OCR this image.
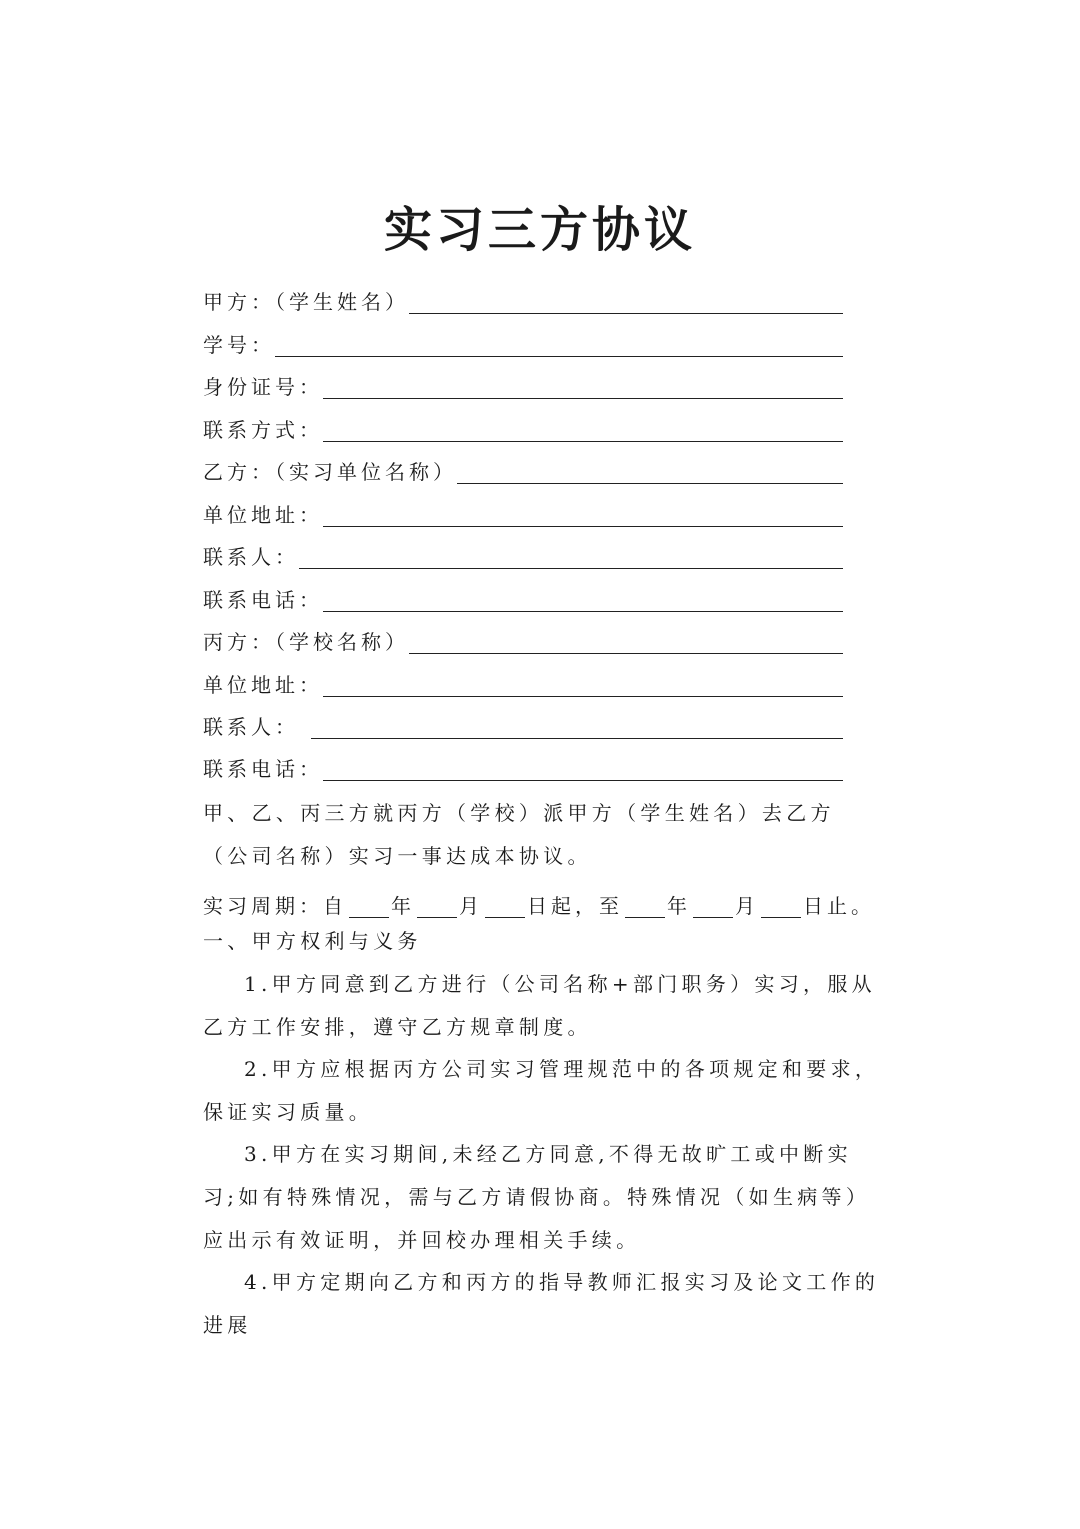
实习三方协议
甲方：（学生姓名）
学号：
身份证号：
联系方式：
乙方：（实习单位名称）
单位地址：
联系人：
联系电话：
丙方：（学校名称）
单位地址：
联系人：
联系电话：
甲、乙、丙三方就丙方（学校）派甲方（学生姓名）去乙方（公司名称）实习一事达成本协议。
实习周期：自 年 月 日起，至 年 月 日止。
一、甲方权利与义务
1.甲方同意到乙方进行（公司名称+部门职务）实习，服从乙方工作安排，遵守乙方规章制度。
2.甲方应根据丙方公司实习管理规范中的各项规定和要求，保证实习质量。
3.甲方在实习期间,未经乙方同意,不得无故旷工或中断实习;如有特殊情况，需与乙方请假协商。特殊情况（如生病等）应出示有效证明，并回校办理相关手续。
4.甲方定期向乙方和丙方的指导教师汇报实习及论文工作的进展
